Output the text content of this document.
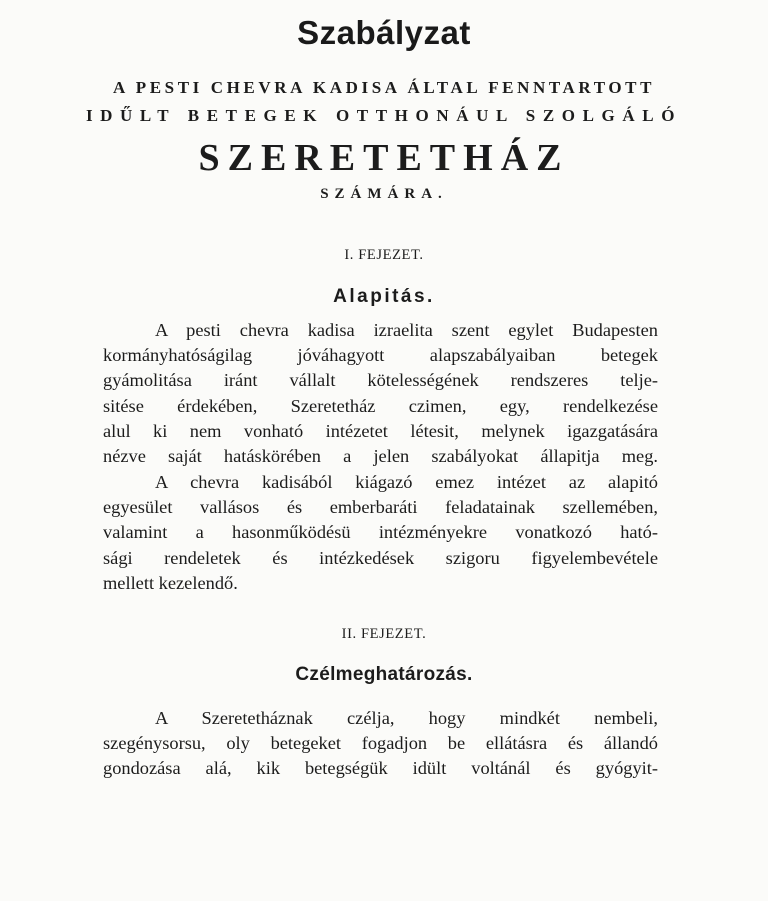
Szabályzat
A PESTI CHEVRA KADISA ÁLTAL FENNTARTOTT
IDŰLT BETEGEK OTTHONÁUL SZOLGÁLÓ
SZERETETHÁZ
SZÁMÁRA.
I. FEJEZET.
Alapitás.
A pesti chevra kadisa izraelita szent egylet Budapesten
kormányhatóságilag jóváhagyott alapszabályaiban betegek
gyámolitása iránt vállalt kötelességének rendszeres telje-
sitése érdekében, Szeretetház czimen, egy, rendelkezése
alul ki nem vonható intézetet létesit, melynek igazgatására
nézve saját hatáskörében a jelen szabályokat állapitja meg.
A chevra kadisából kiágazó emez intézet az alapitó
egyesület vallásos és emberbaráti feladatainak szellemében,
valamint a hasonműködésü intézményekre vonatkozó ható-
sági rendeletek és intézkedések szigoru figyelembevétele
mellett kezelendő.
II. FEJEZET.
Czélmeghatározás.
A Szeretetháznak czélja, hogy mindkét nembeli,
szegénysorsu, oly betegeket fogadjon be ellátásra és állandó
gondozása alá, kik betegségük idült voltánál és gyógyit-
